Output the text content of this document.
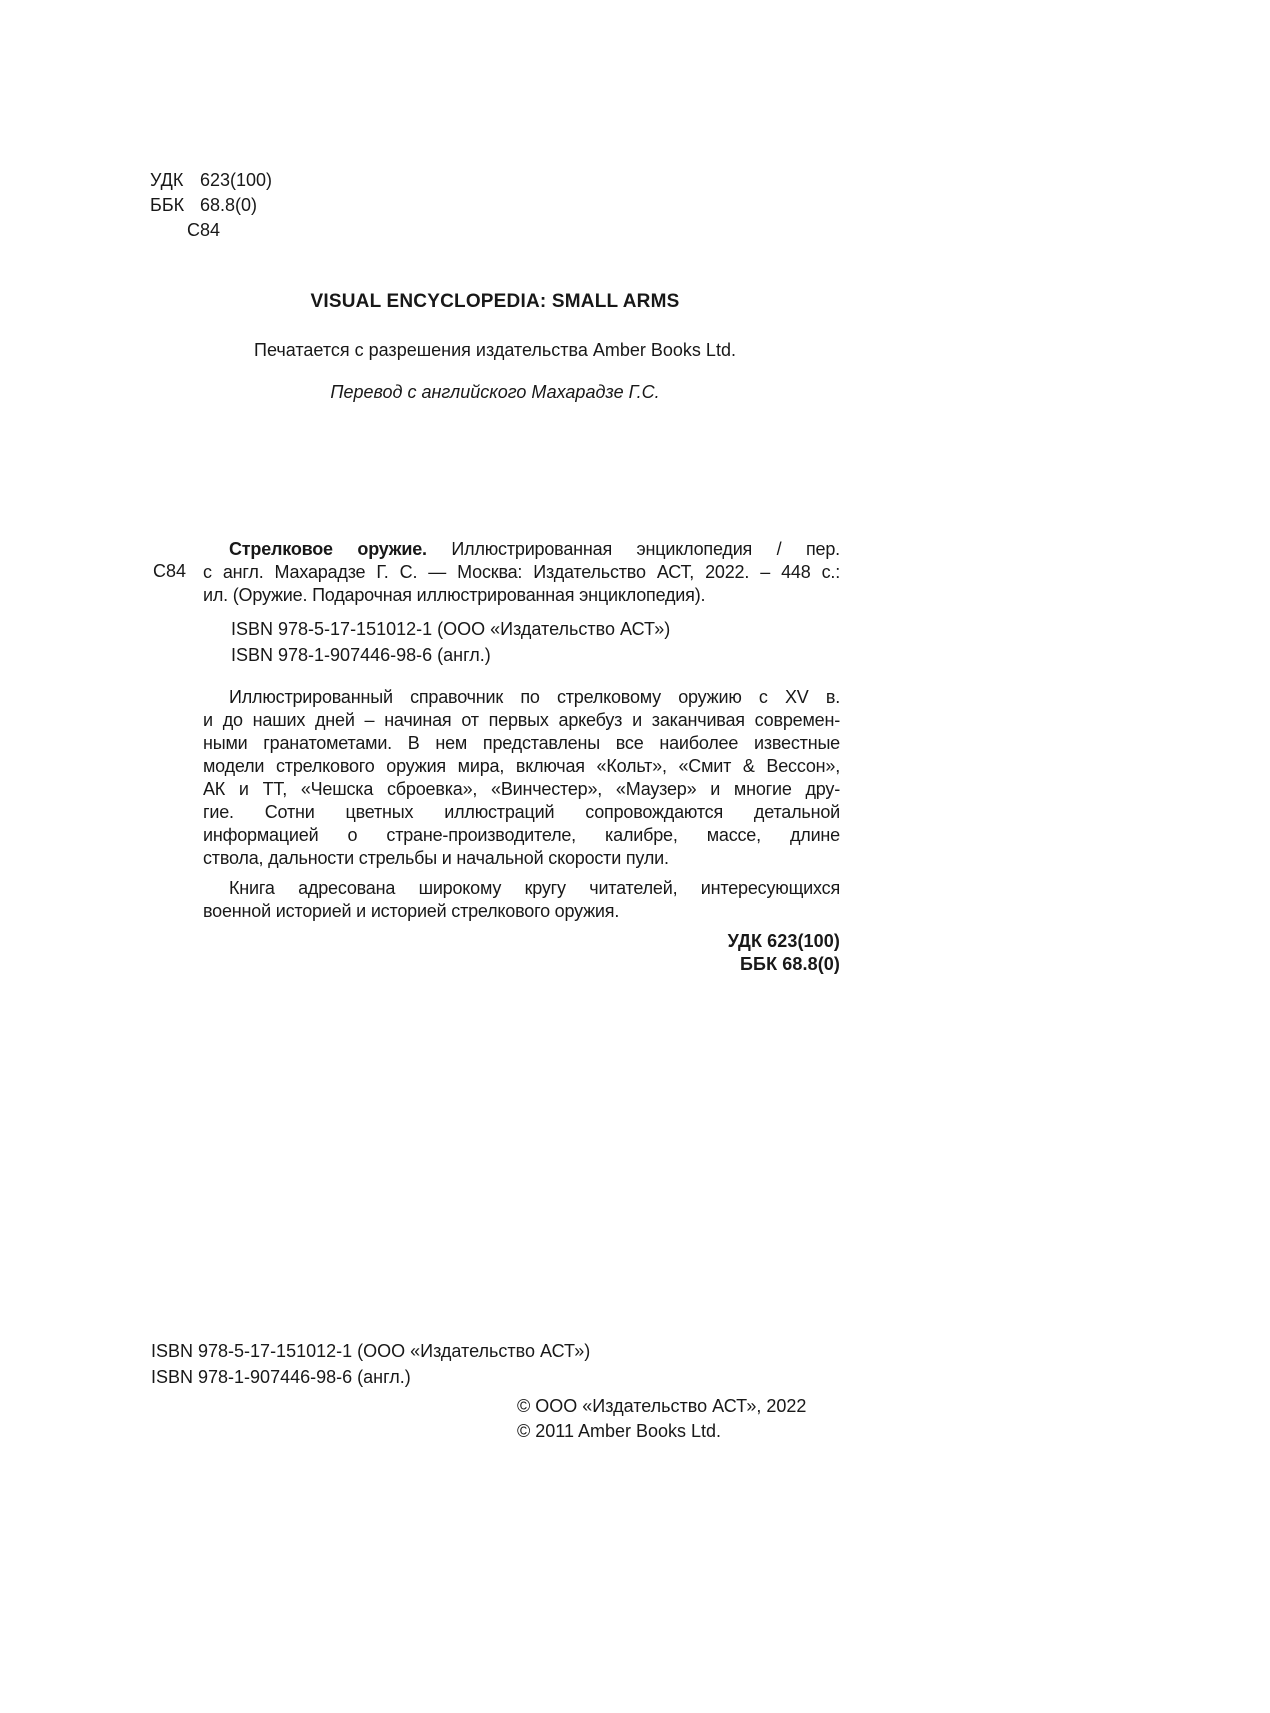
УДК 623(100)
ББК 68.8(0)
С84
VISUAL ENCYCLOPEDIA: SMALL ARMS
Печатается с разрешения издательства Amber Books Ltd.
Перевод с английского Махарадзе Г.С.
С84
Стрелковое оружие. Иллюстрированная энциклопедия / пер.
с англ. Махарадзе Г. С. — Москва: Издательство АСТ, 2022. – 448 с.:
ил. (Оружие. Подарочная иллюстрированная энциклопедия).
ISBN 978-5-17-151012-1 (ООО «Издательство АСТ»)
ISBN 978-1-907446-98-6 (англ.)
Иллюстрированный справочник по стрелковому оружию с XV в.
и до наших дней – начиная от первых аркебуз и заканчивая современ-
ными гранатометами. В нем представлены все наиболее известные
модели стрелкового оружия мира, включая «Кольт», «Смит & Вессон»,
АК и ТТ, «Чешска сброевка», «Винчестер», «Маузер» и многие дру-
гие. Сотни цветных иллюстраций сопровождаются детальной
информацией о стране-производителе, калибре, массе, длине
ствола, дальности стрельбы и начальной скорости пули.
Книга адресована широкому кругу читателей, интересующихся
военной историей и историей стрелкового оружия.
УДК 623(100)
ББК 68.8(0)
ISBN 978-5-17-151012-1 (ООО «Издательство АСТ»)
ISBN 978-1-907446-98-6 (англ.)
© ООО «Издательство АСТ», 2022
© 2011 Amber Books Ltd.
